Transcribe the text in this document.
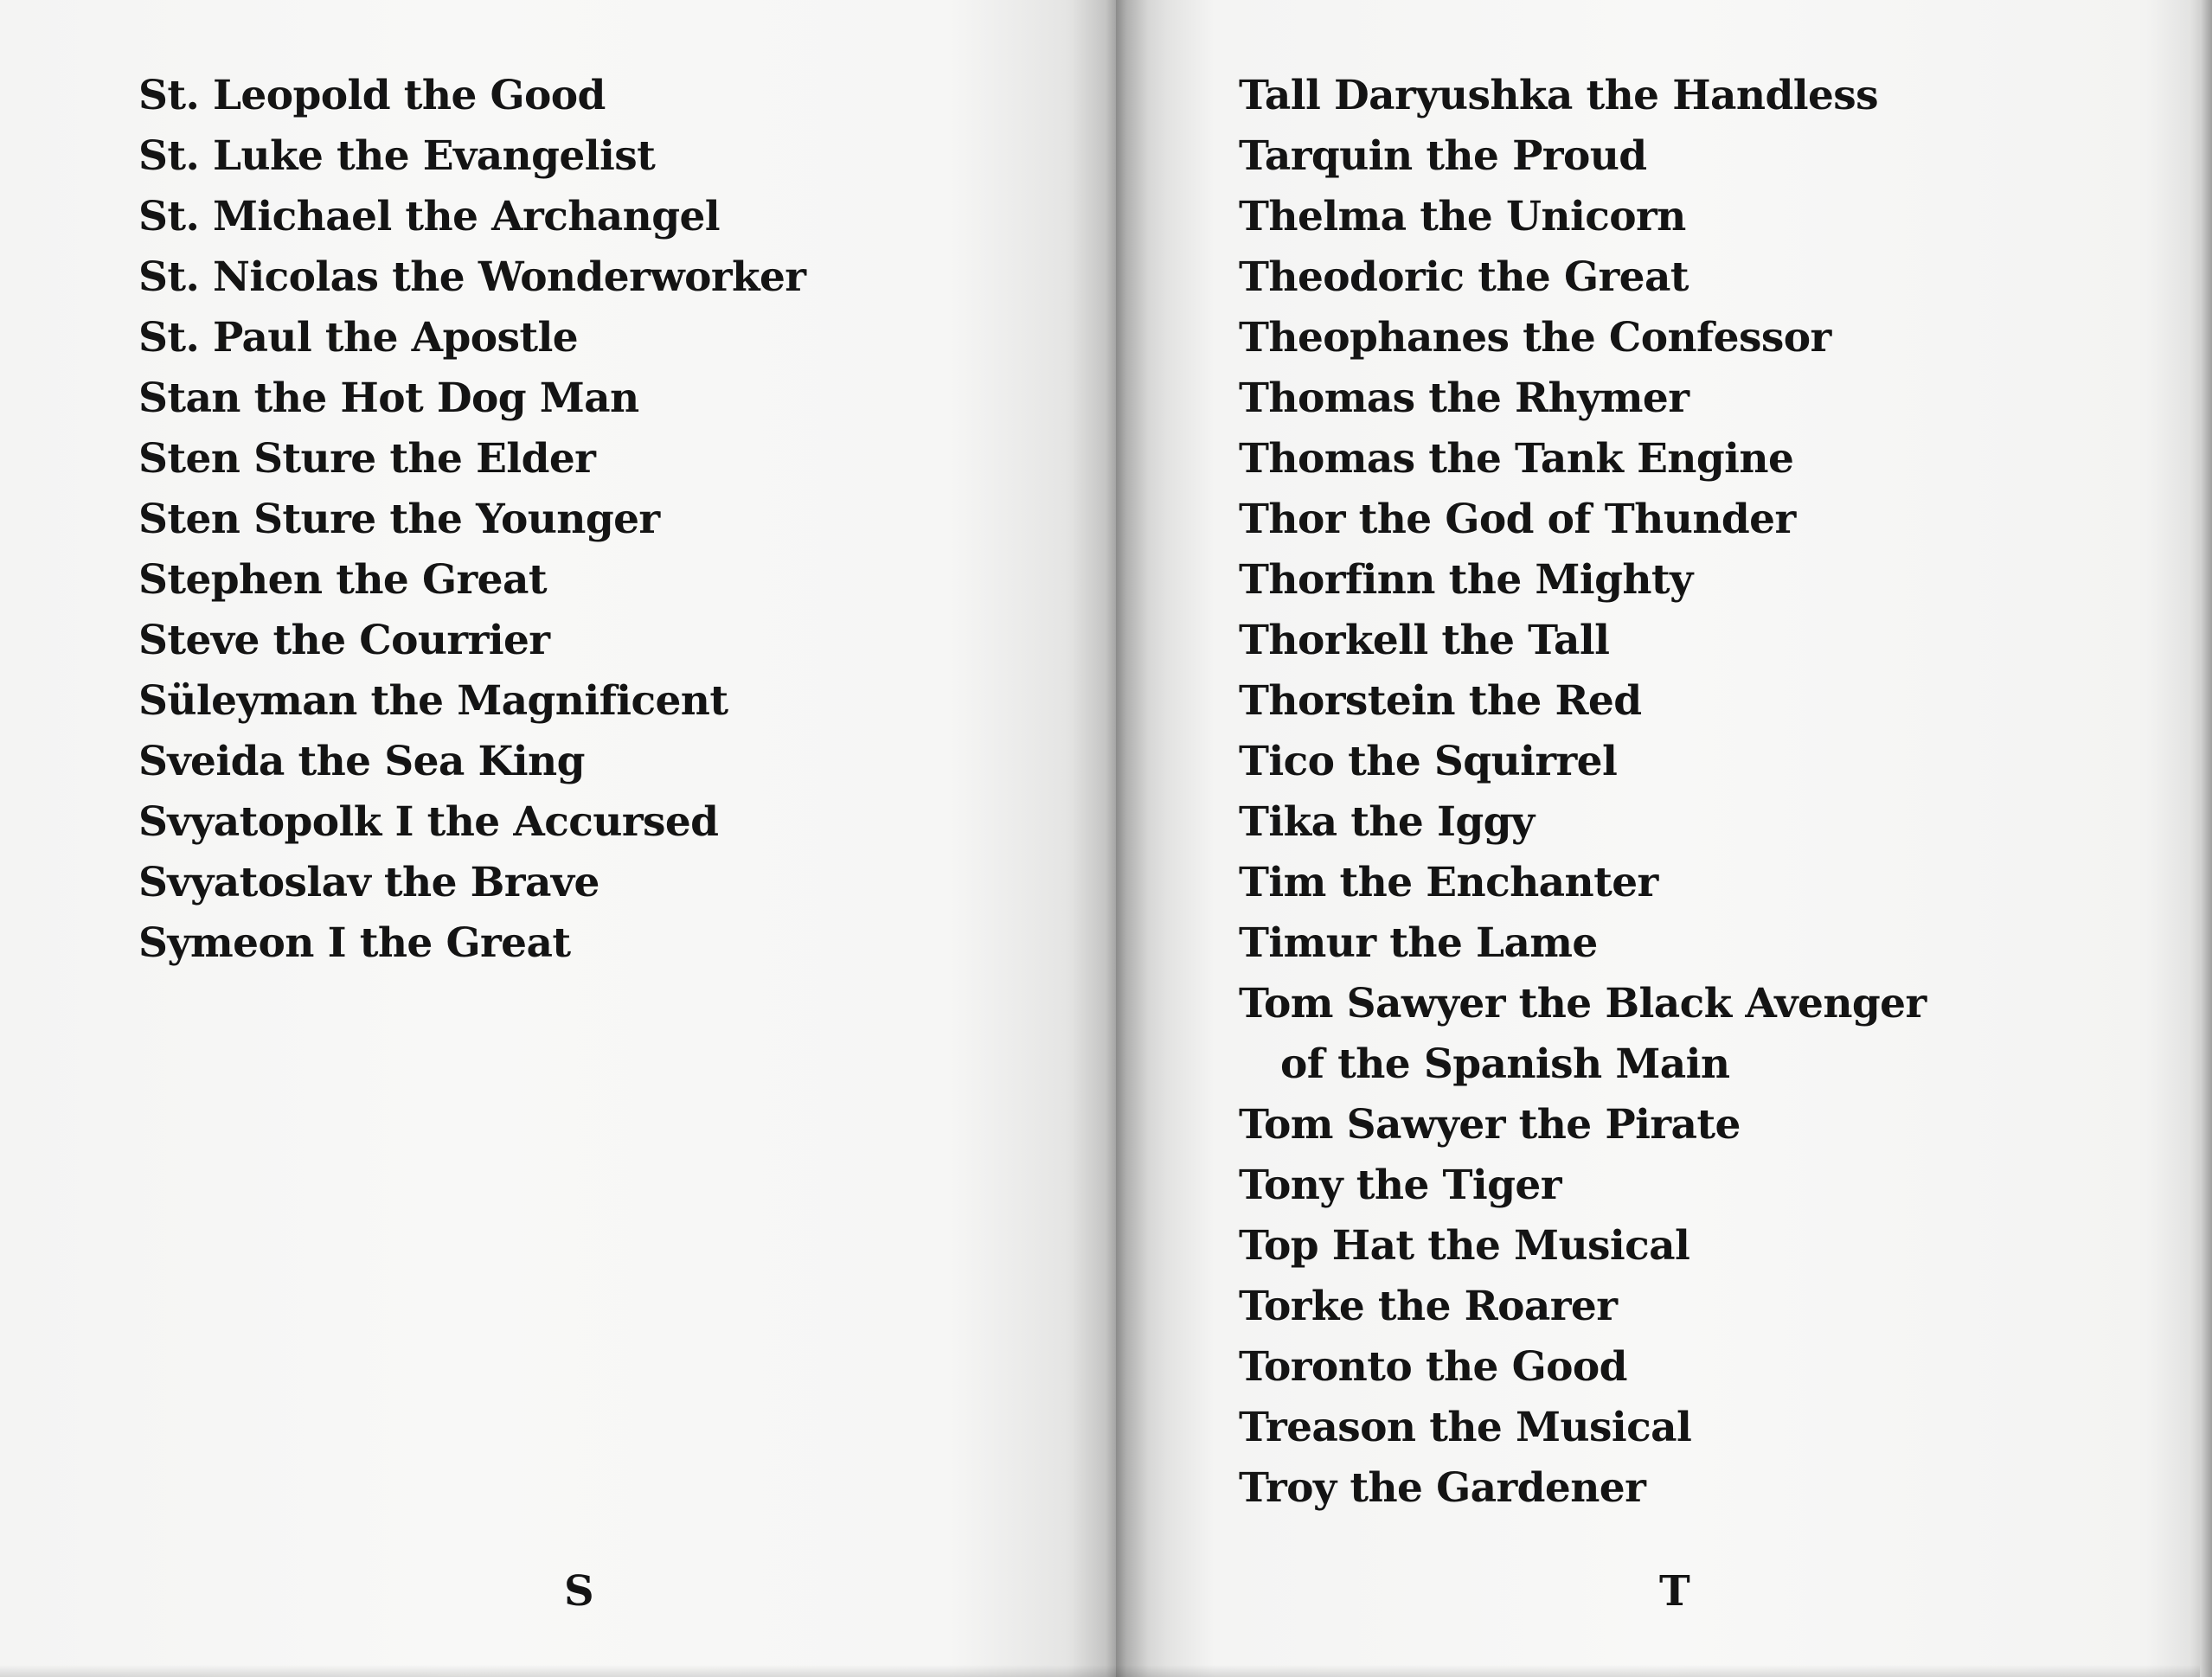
St. Leopold the Good
St. Luke the Evangelist
St. Michael the Archangel
St. Nicolas the Wonderworker
St. Paul the Apostle
Stan the Hot Dog Man
Sten Sture the Elder
Sten Sture the Younger
Stephen the Great
Steve the Courrier
Süleyman the Magnificent
Sveida the Sea King
Svyatopolk I the Accursed
Svyatoslav the Brave
Symeon I the Great
S
Tall Daryushka the Handless
Tarquin the Proud
Thelma the Unicorn
Theodoric the Great
Theophanes the Confessor
Thomas the Rhymer
Thomas the Tank Engine
Thor the God of Thunder
Thorfinn the Mighty
Thorkell the Tall
Thorstein the Red
Tico the Squirrel
Tika the Iggy
Tim the Enchanter
Timur the Lame
Tom Sawyer the Black Avenger
of the Spanish Main
Tom Sawyer the Pirate
Tony the Tiger
Top Hat the Musical
Torke the Roarer
Toronto the Good
Treason the Musical
Troy the Gardener
T
